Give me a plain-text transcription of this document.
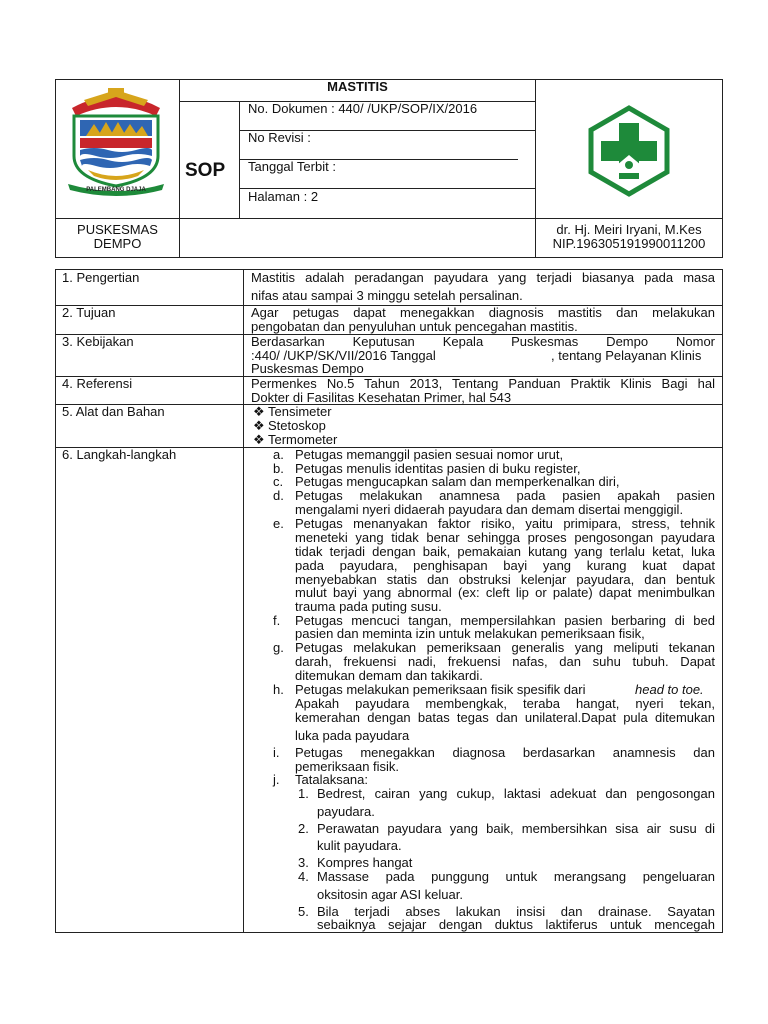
PALEMBANG DJAJA
MASTITIS
SOP
No. Dokumen : 440/ /UKP/SOP/IX/2016
No Revisi :
Tanggal Terbit :
Halaman : 2
PUSKESMAS
DEMPO
dr. Hj. Meiri Iryani, M.Kes
NIP.196305191990011200
1. Pengertian
2. Tujuan
3. Kebijakan
4. Referensi
5. Alat dan Bahan
6. Langkah-langkah
Mastitis adalah peradangan payudara yang terjadi biasanya pada masa
nifas atau sampai 3 minggu setelah persalinan.
Agar petugas dapat menegakkan diagnosis mastitis dan melakukan
pengobatan dan penyuluhan untuk pencegahan mastitis.
Berdasarkan Keputusan Kepala Puskesmas Dempo Nomor
:440/ /UKP/SK/VII/2016 Tanggal	, tentang Pelayanan Klinis
Puskesmas Dempo
Permenkes No.5 Tahun 2013, Tentang Panduan Praktik Klinis Bagi hal
Dokter di Fasilitas Kesehatan Primer, hal 543
❖ Tensimeter
❖ Stetoskop
❖ Termometer
a.
b.
c.
d.
e.
f.
g.
h.
i.
j.
Petugas memanggil pasien sesuai nomor urut,
Petugas menulis identitas pasien di buku register,
Petugas mengucapkan salam dan memperkenalkan diri,
Petugas melakukan anamnesa pada pasien apakah pasien
mengalami nyeri didaerah payudara dan demam disertai menggigil.
Petugas menanyakan faktor risiko, yaitu primipara, stress, tehnik
meneteki yang tidak benar sehingga proses pengosongan payudara
tidak terjadi dengan baik, pemakaian kutang yang terlalu ketat, luka
pada payudara, penghisapan bayi yang kurang kuat dapat
menyebabkan statis dan obstruksi kelenjar payudara, dan bentuk
mulut bayi yang abnormal (ex: cleft lip or palate) dapat menimbulkan
trauma pada puting susu.
Petugas mencuci tangan, mempersilahkan pasien berbaring di bed
pasien dan meminta izin untuk melakukan pemeriksaan fisik,
Petugas melakukan pemeriksaan generalis yang meliputi tekanan
darah, frekuensi nadi, frekuensi nafas, dan suhu tubuh. Dapat
ditemukan demam dan takikardi.
Petugas melakukan pemeriksaan fisik spesifik dari	head to toe.
Apakah payudara membengkak, teraba hangat, nyeri tekan,
kemerahan dengan batas tegas dan unilateral.Dapat pula ditemukan
luka pada payudara
Petugas menegakkan diagnosa berdasarkan anamnesis dan
pemeriksaan fisik.
Tatalaksana:
1. Bedrest, cairan yang cukup, laktasi adekuat dan pengosongan
payudara.
2. Perawatan payudara yang baik, membersihkan sisa air susu di
kulit payudara.
3. Kompres hangat
4. Massase pada punggung untuk merangsang pengeluaran
oksitosin agar ASI keluar.
5. Bila terjadi abses lakukan insisi dan drainase. Sayatan
sebaiknya sejajar dengan duktus laktiferus untuk mencegah
